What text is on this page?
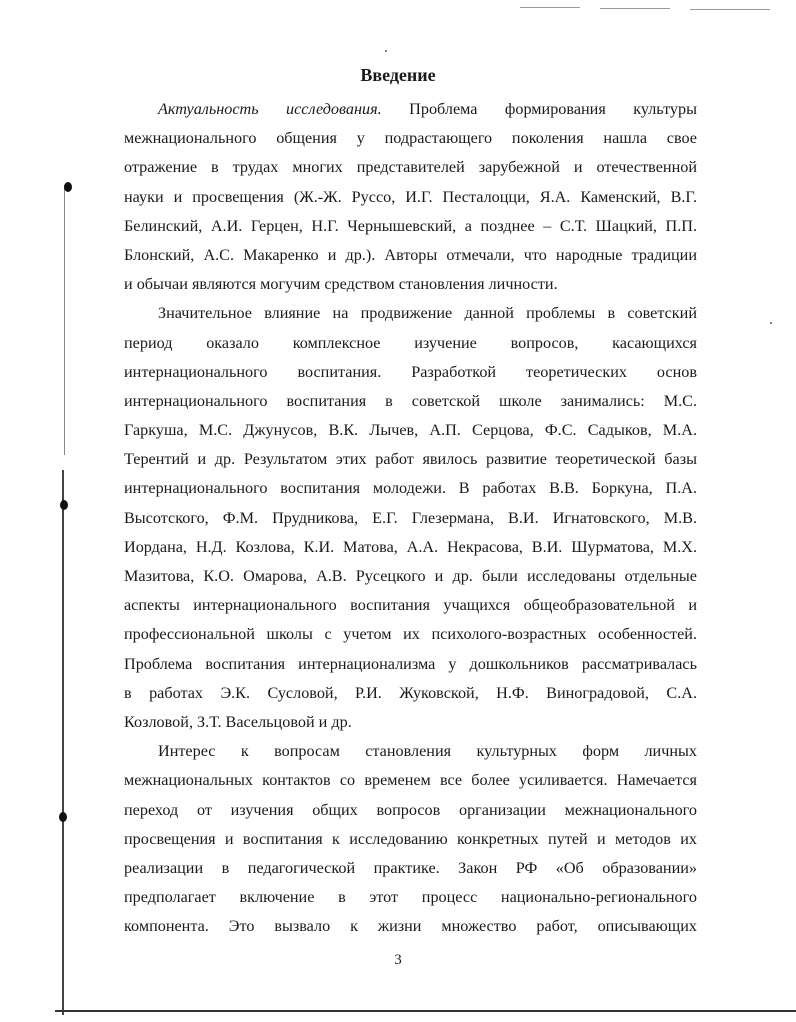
Введение
Актуальность исследования. Проблема формирования культуры
межнационального общения у подрастающего поколения нашла свое
отражение в трудах многих представителей зарубежной и отечественной
науки и просвещения (Ж.-Ж. Руссо, И.Г. Песталоцци, Я.А. Каменский, В.Г.
Белинский, А.И. Герцен, Н.Г. Чернышевский, а позднее – С.Т. Шацкий, П.П.
Блонский, А.С. Макаренко и др.). Авторы отмечали, что народные традиции
и обычаи являются могучим средством становления личности.
Значительное влияние на продвижение данной проблемы в советский
период оказало комплексное изучение вопросов, касающихся
интернационального воспитания. Разработкой теоретических основ
интернационального воспитания в советской школе занимались: М.С.
Гаркуша, М.С. Джунусов, В.К. Лычев, А.П. Серцова, Ф.С. Садыков, М.А.
Терентий и др. Результатом этих работ явилось развитие теоретической базы
интернационального воспитания молодежи. В работах В.В. Боркуна, П.А.
Высотского, Ф.М. Прудникова, Е.Г. Глезермана, В.И. Игнатовского, М.В.
Иордана, Н.Д. Козлова, К.И. Матова, А.А. Некрасова, В.И. Шурматова, М.Х.
Мазитова, К.О. Омарова, А.В. Русецкого и др. были исследованы отдельные
аспекты интернационального воспитания учащихся общеобразовательной и
профессиональной школы с учетом их психолого-возрастных особенностей.
Проблема воспитания интернационализма у дошкольников рассматривалась
в работах Э.К. Сусловой, Р.И. Жуковской, Н.Ф. Виноградовой, С.А.
Козловой, З.Т. Васельцовой и др.
Интерес к вопросам становления культурных форм личных
межнациональных контактов со временем все более усиливается. Намечается
переход от изучения общих вопросов организации межнационального
просвещения и воспитания к исследованию конкретных путей и методов их
реализации в педагогической практике. Закон РФ «Об образовании»
предполагает включение в этот процесс национально-регионального
компонента. Это вызвало к жизни множество работ, описывающих
3
